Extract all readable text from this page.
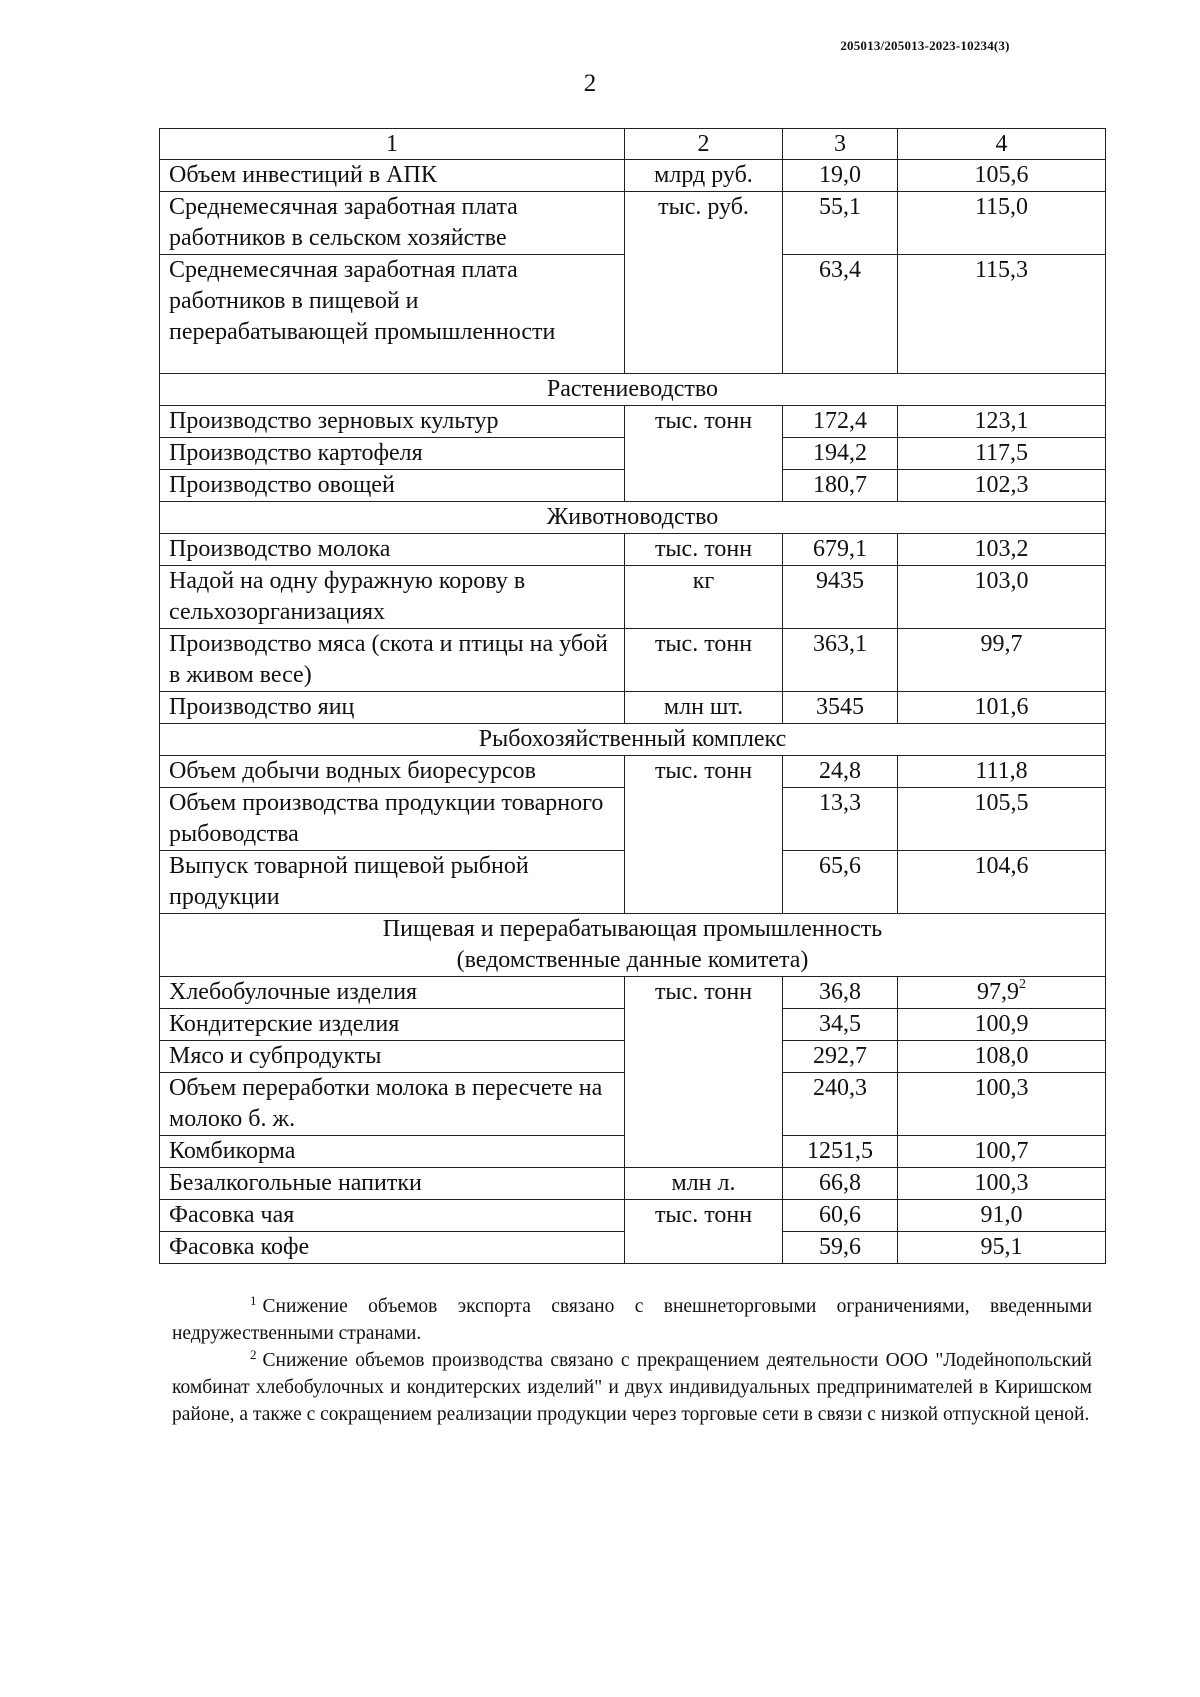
205013/205013-2023-10234(3)
2
1	2	3	4
Объем инвестиций в АПК	млрд руб.	19,0	105,6
Среднемесячная заработная плата работников в сельском хозяйстве	тыс. руб.	55,1	115,0
Среднемесячная заработная плата работников в пищевой и перерабатывающей промышленности		63,4	115,3
Растениеводство			
Производство зерновых культур	тыс. тонн	172,4	123,1
Производство картофеля		194,2	117,5
Производство овощей		180,7	102,3
Животноводство			
Производство молока	тыс. тонн	679,1	103,2
Надой на одну фуражную корову в сельхозорганизациях	кг	9435	103,0
Производство мяса (скота и птицы на убой в живом весе)	тыс. тонн	363,1	99,7
Производство яиц	млн шт.	3545	101,6
Рыбохозяйственный комплекс			
Объем добычи водных биоресурсов	тыс. тонн	24,8	111,8
Объем производства продукции товарного рыбоводства		13,3	105,5
Выпуск товарной пищевой рыбной продукции		65,6	104,6

Пищевая и перерабатывающая промышленность
(ведомственные данные комитета)			

Хлебобулочные изделия	тыс. тонн	36,8	97,9$^2$
Кондитерские изделия		34,5	100,9
Мясо и субпродукты		292,7	108,0
Объем переработки молока в пересчете на молоко б. ж.		240,3	100,3
Комбикорма		1251,5	100,7
Безалкогольные напитки	млн л.	66,8	100,3
Фасовка чая	тыс. тонн	60,6	91,0
Фасовка кофе		59,6	95,1

$^1$ Снижение объемов экспорта связано с внешнеторговыми ограничениями, введенными недружественными странами.

$^2$ Снижение объемов производства связано с прекращением деятельности ООО "Лодейнопольский комбинат хлебобулочных и кондитерских изделий" и двух индивидуальных предпринимателей в Киришском районе, а также с сокращением реализации продукции через торговые сети в связи с низкой отпускной ценой.
